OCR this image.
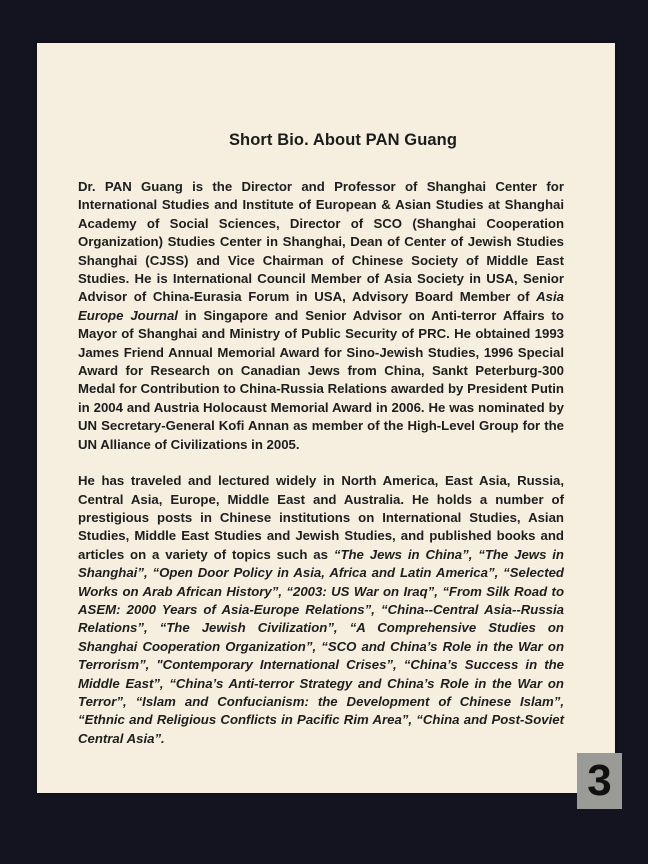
Short Bio. About PAN Guang

Dr. PAN Guang is the Director and Professor of Shanghai Center for International Studies and Institute of European & Asian Studies at Shanghai Academy of Social Sciences, Director of SCO (Shanghai Cooperation Organization) Studies Center in Shanghai, Dean of Center of Jewish Studies Shanghai (CJSS) and Vice Chairman of Chinese Society of Middle East Studies. He is International Council Member of Asia Society in USA, Senior Advisor of China-Eurasia Forum in USA, Advisory Board Member of Asia Europe Journal in Singapore and Senior Advisor on Anti-terror Affairs to Mayor of Shanghai and Ministry of Public Security of PRC. He obtained 1993 James Friend Annual Memorial Award for Sino-Jewish Studies, 1996 Special Award for Research on Canadian Jews from China, Sankt Peterburg-300 Medal for Contribution to China-Russia Relations awarded by President Putin in 2004 and Austria Holocaust Memorial Award in 2006. He was nominated by UN Secretary-General Kofi Annan as member of the High-Level Group for the UN Alliance of Civilizations in 2005.

He has traveled and lectured widely in North America, East Asia, Russia, Central Asia, Europe, Middle East and Australia. He holds a number of prestigious posts in Chinese institutions on International Studies, Asian Studies, Middle East Studies and Jewish Studies, and published books and articles on a variety of topics such as “The Jews in China”, “The Jews in Shanghai”, “Open Door Policy in Asia, Africa and Latin America”, “Selected Works on Arab African History”, “2003: US War on Iraq”, “From Silk Road to ASEM: 2000 Years of Asia-Europe Relations”, “China--Central Asia--Russia Relations”, “The Jewish Civilization”, “A Comprehensive Studies on Shanghai Cooperation Organization”, “SCO and China’s Role in the War on Terrorism”, "Contemporary International Crises”, “China’s Success in the Middle East”, “China’s Anti-terror Strategy and China’s Role in the War on Terror”, “Islam and Confucianism: the Development of Chinese Islam”, “Ethnic and Religious Conflicts in Pacific Rim Area”, “China and Post-Soviet Central Asia”.

3
